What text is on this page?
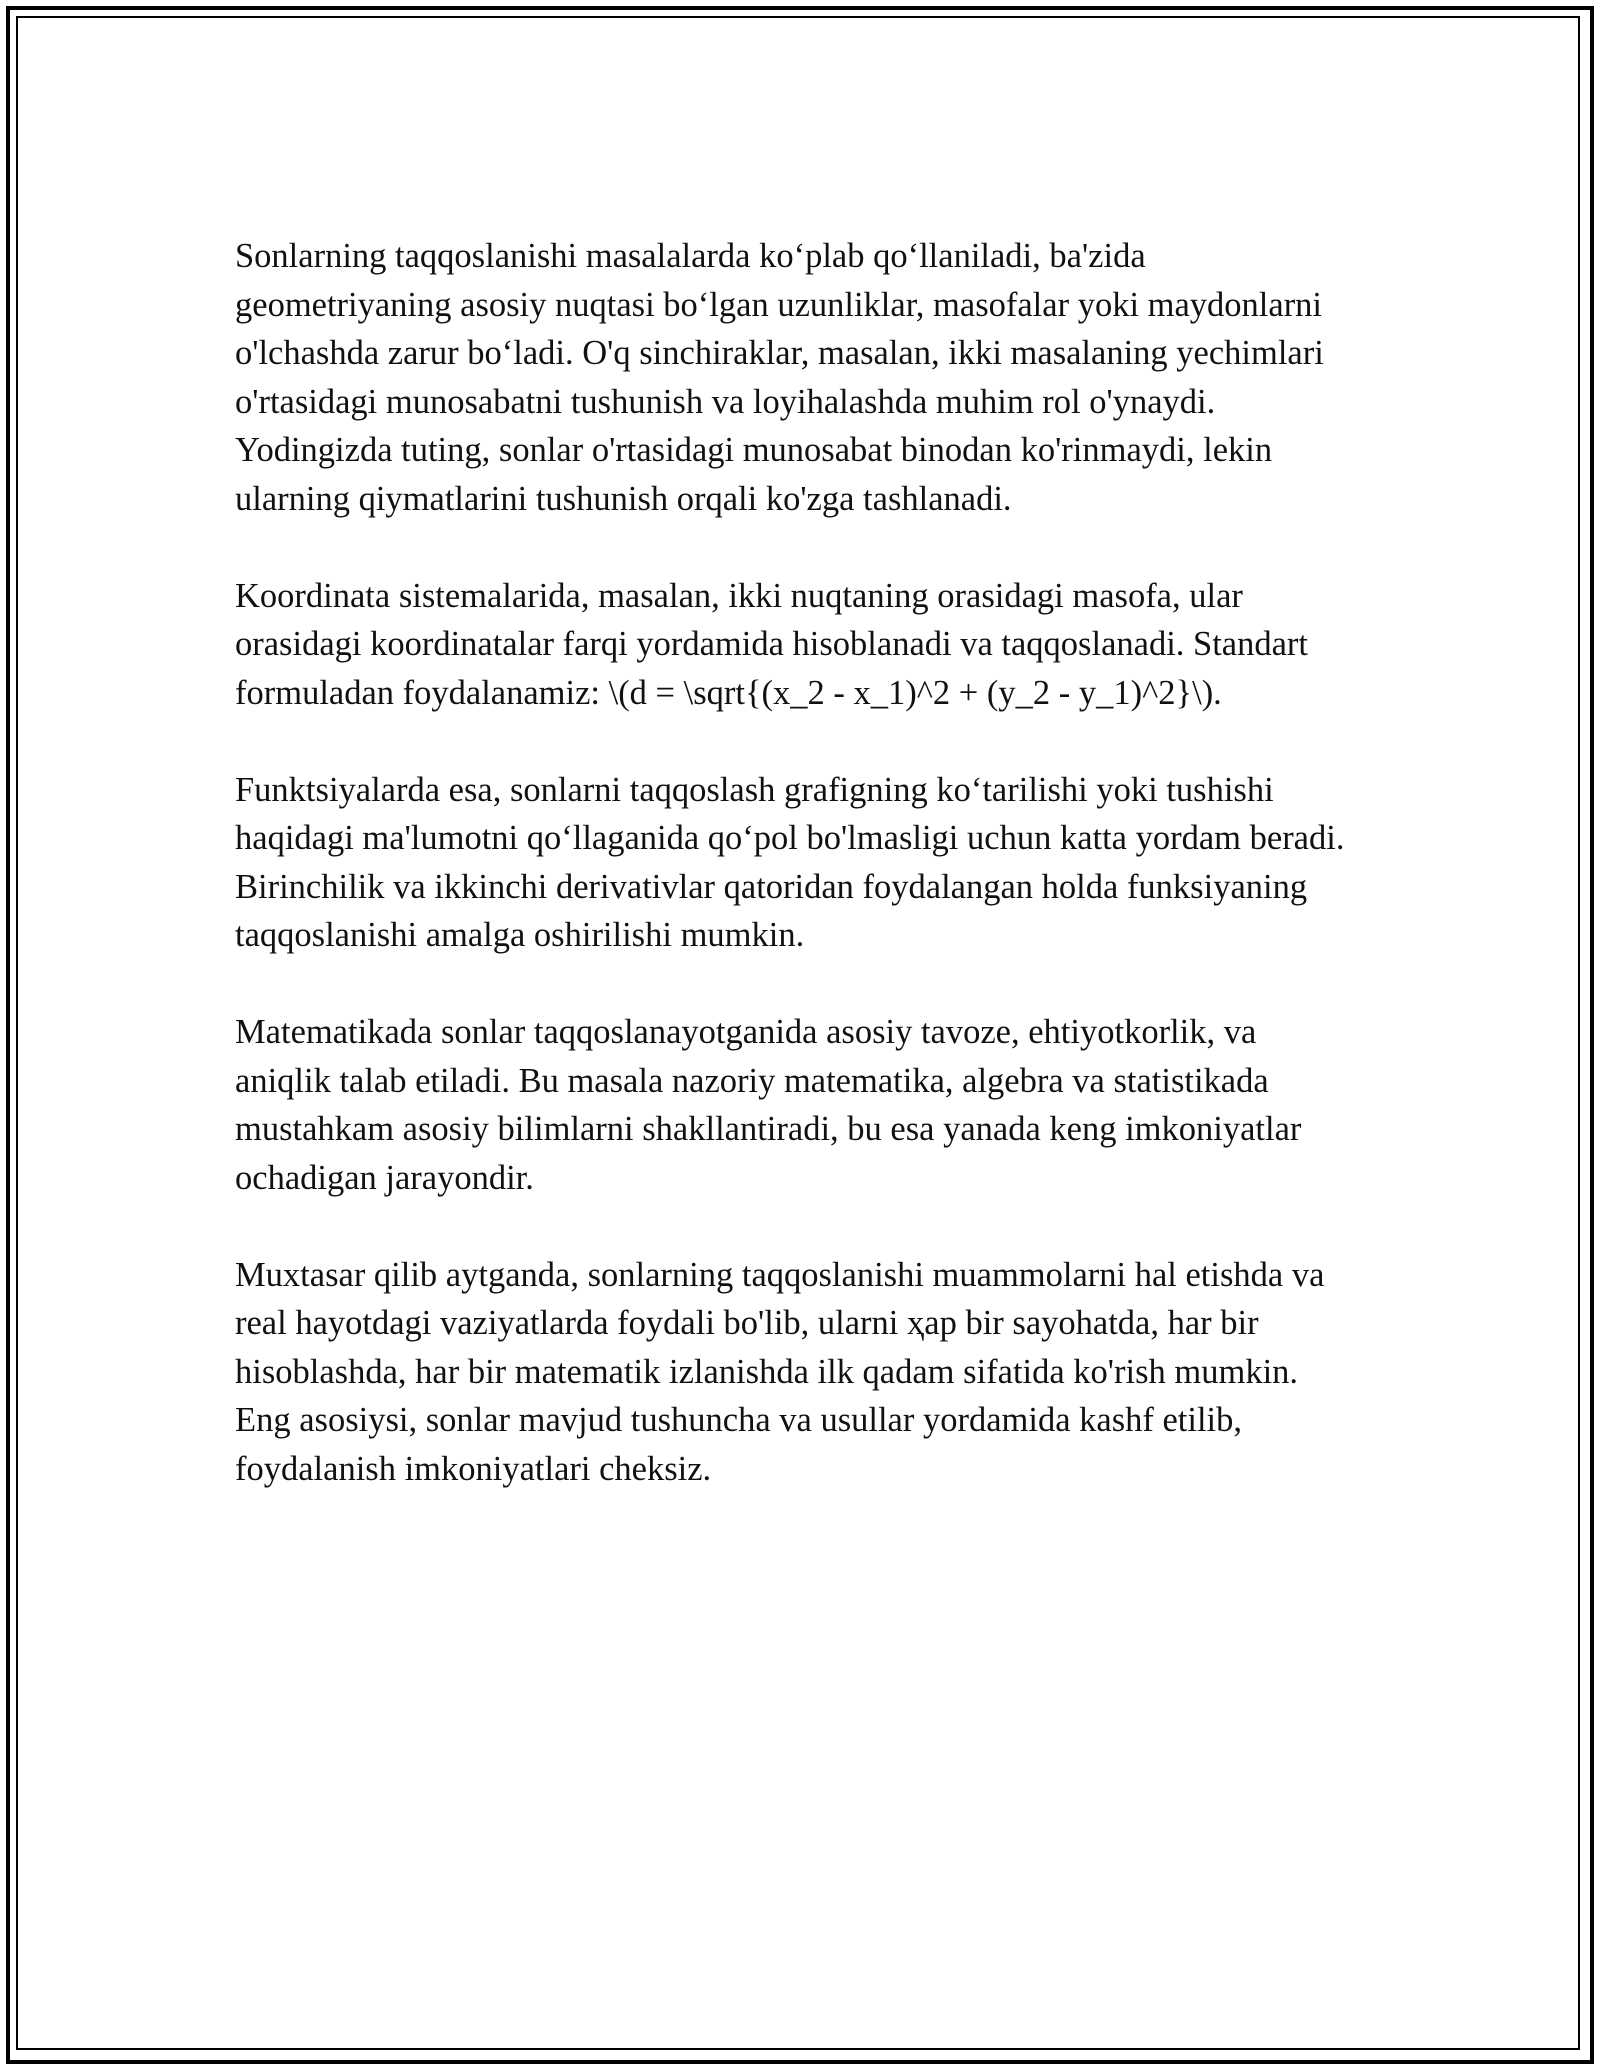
Sonlarning taqqoslanishi masalalarda ko‘plab qo‘llaniladi, ba'zida geometriyaning asosiy nuqtasi bo‘lgan uzunliklar, masofalar yoki maydonlarni o'lchashda zarur bo‘ladi. O'q sinchiraklar, masalan, ikki masalaning yechimlari o'rtasidagi munosabatni tushunish va loyihalashda muhim rol o'ynaydi. Yodingizda tuting, sonlar o'rtasidagi munosabat binodan ko'rinmaydi, lekin ularning qiymatlarini tushunish orqali ko'zga tashlanadi.

Koordinata sistemalarida, masalan, ikki nuqtaning orasidagi masofa, ular orasidagi koordinatalar farqi yordamida hisoblanadi va taqqoslanadi. Standart formuladan foydalanamiz: \(d = \sqrt{(x_2 - x_1)^2 + (y_2 - y_1)^2}\).

Funktsiyalarda esa, sonlarni taqqoslash grafigning ko‘tarilishi yoki tushishi haqidagi ma'lumotni qo‘llaganida qo‘pol bo'lmasligi uchun katta yordam beradi. Birinchilik va ikkinchi derivativlar qatoridan foydalangan holda funksiyaning taqqoslanishi amalga oshirilishi mumkin.

Matematikada sonlar taqqoslanayotganida asosiy tavoze, ehtiyotkorlik, va aniqlik talab etiladi. Bu masala nazoriy matematika, algebra va statistikada mustahkam asosiy bilimlarni shakllantiradi, bu esa yanada keng imkoniyatlar ochadigan jarayondir.

Muxtasar qilib aytganda, sonlarning taqqoslanishi muammolarni hal etishda va real hayotdagi vaziyatlarda foydali bo'lib, ularni ҳар bir sayohatda, har bir hisoblashda, har bir matematik izlanishda ilk qadam sifatida ko'rish mumkin. Eng asosiysi, sonlar mavjud tushuncha va usullar yordamida kashf etilib, foydalanish imkoniyatlari cheksiz.
